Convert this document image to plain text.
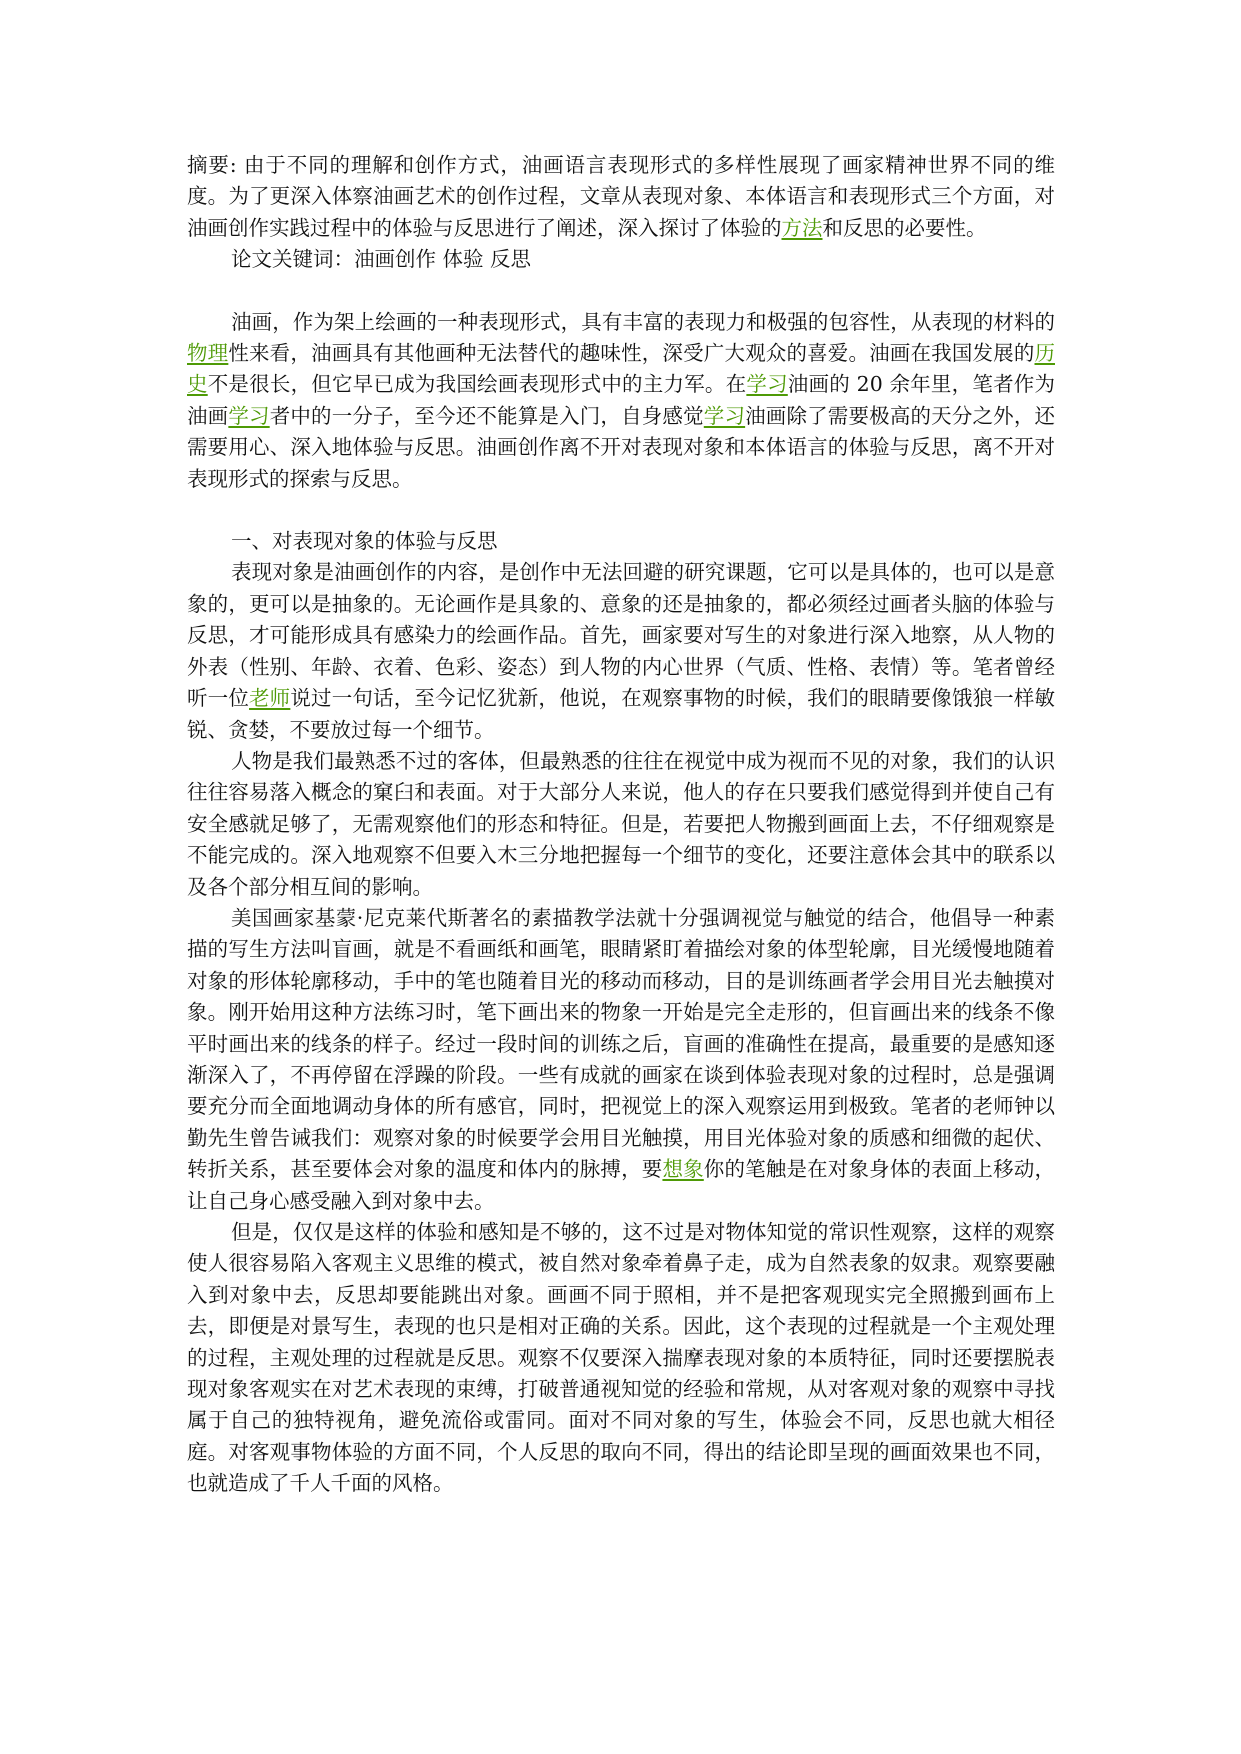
摘要: 由于不同的理解和创作方式，油画语言表现形式的多样性展现了画家精神世界不同的维度。为了更深入体察油画艺术的创作过程，文章从表现对象、本体语言和表现形式三个方面，对油画创作实践过程中的体验与反思进行了阐述，深入探讨了体验的方法和反思的必要性。

论文关键词：油画创作 体验 反思

油画，作为架上绘画的一种表现形式，具有丰富的表现力和极强的包容性，从表现的材料的物理性来看，油画具有其他画种无法替代的趣味性，深受广大观众的喜爱。油画在我国发展的历史不是很长，但它早已成为我国绘画表现形式中的主力军。在学习油画的 20 余年里，笔者作为油画学习者中的一分子，至今还不能算是入门，自身感觉学习油画除了需要极高的天分之外，还需要用心、深入地体验与反思。油画创作离不开对表现对象和本体语言的体验与反思，离不开对表现形式的探索与反思。

一、对表现对象的体验与反思

表现对象是油画创作的内容，是创作中无法回避的研究课题，它可以是具体的，也可以是意象的，更可以是抽象的。无论画作是具象的、意象的还是抽象的，都必须经过画者头脑的体验与反思，才可能形成具有感染力的绘画作品。首先，画家要对写生的对象进行深入地察，从人物的外表（性别、年龄、衣着、色彩、姿态）到人物的内心世界（气质、性格、表情）等。笔者曾经听一位老师说过一句话，至今记忆犹新，他说，在观察事物的时候，我们的眼睛要像饿狼一样敏锐、贪婪，不要放过每一个细节。

人物是我们最熟悉不过的客体，但最熟悉的往往在视觉中成为视而不见的对象，我们的认识往往容易落入概念的窠臼和表面。对于大部分人来说，他人的存在只要我们感觉得到并使自己有安全感就足够了，无需观察他们的形态和特征。但是，若要把人物搬到画面上去，不仔细观察是不能完成的。深入地观察不但要入木三分地把握每一个细节的变化，还要注意体会其中的联系以及各个部分相互间的影响。

美国画家基蒙·尼克莱代斯著名的素描教学法就十分强调视觉与触觉的结合，他倡导一种素描的写生方法叫盲画，就是不看画纸和画笔，眼睛紧盯着描绘对象的体型轮廓，目光缓慢地随着对象的形体轮廓移动，手中的笔也随着目光的移动而移动，目的是训练画者学会用目光去触摸对象。刚开始用这种方法练习时，笔下画出来的物象一开始是完全走形的，但盲画出来的线条不像平时画出来的线条的样子。经过一段时间的训练之后，盲画的准确性在提高，最重要的是感知逐渐深入了，不再停留在浮躁的阶段。一些有成就的画家在谈到体验表现对象的过程时，总是强调要充分而全面地调动身体的所有感官，同时，把视觉上的深入观察运用到极致。笔者的老师钟以勤先生曾告诫我们：观察对象的时候要学会用目光触摸，用目光体验对象的质感和细微的起伏、转折关系，甚至要体会对象的温度和体内的脉搏，要想象你的笔触是在对象身体的表面上移动，让自己身心感受融入到对象中去。

但是，仅仅是这样的体验和感知是不够的，这不过是对物体知觉的常识性观察，这样的观察使人很容易陷入客观主义思维的模式，被自然对象牵着鼻子走，成为自然表象的奴隶。观察要融入到对象中去，反思却要能跳出对象。画画不同于照相，并不是把客观现实完全照搬到画布上去，即便是对景写生，表现的也只是相对正确的关系。因此，这个表现的过程就是一个主观处理的过程，主观处理的过程就是反思。观察不仅要深入揣摩表现对象的本质特征，同时还要摆脱表现对象客观实在对艺术表现的束缚，打破普通视知觉的经验和常规，从对客观对象的观察中寻找属于自己的独特视角，避免流俗或雷同。面对不同对象的写生，体验会不同，反思也就大相径庭。对客观事物体验的方面不同，个人反思的取向不同，得出的结论即呈现的画面效果也不同，也就造成了千人千面的风格。
